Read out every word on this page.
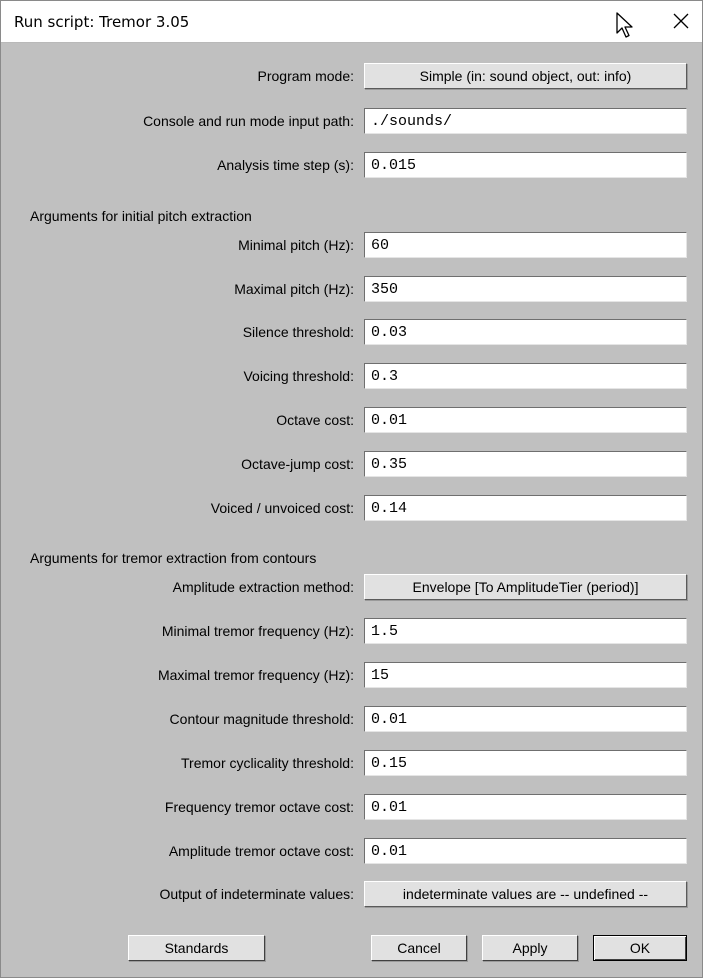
Run script: Tremor 3.05
Program mode:	Simple (in: sound object, out: info)
Console and run mode input path:
./sounds/
Analysis time step (s):
0.015
Arguments for initial pitch extraction
Minimal pitch (Hz):
60
Maximal pitch (Hz):
350
Silence threshold:
0.03
Voicing threshold:
0.3
Octave cost:
0.01
Octave-jump cost:
0.35
Voiced / unvoiced cost:
0.14
Arguments for tremor extraction from contours
Amplitude extraction method:	Envelope [To AmplitudeTier (period)]
Minimal tremor frequency (Hz):
1.5
Maximal tremor frequency (Hz):
15
Contour magnitude threshold:
0.01
Tremor cyclicality threshold:
0.15
Frequency tremor octave cost:
0.01
Amplitude tremor octave cost:
0.01
Output of indeterminate values:	indeterminate values are -- undefined --
Standards	Cancel	Apply	OK
